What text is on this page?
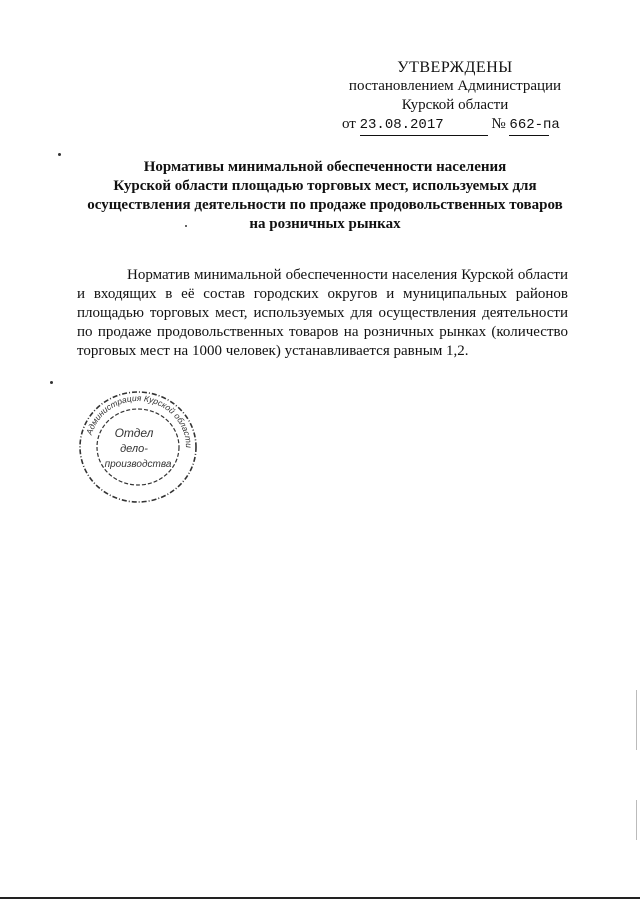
УТВЕРЖДЕНЫ
постановлением Администрации
Курской области
от 23.08.2017	№ 662-па
Нормативы минимальной обеспеченности населения
Курской области площадью торговых мест, используемых для
осуществления деятельности по продаже продовольственных товаров
на розничных рынках
Норматив минимальной обеспеченности населения Курской области и входящих в её состав городских округов и муниципальных районов площадью торговых мест, используемых для осуществления деятельности по продаже продовольственных товаров на розничных рынках (количество торговых мест на 1000 человек) устанавливается равным 1,2.
Администрация Курской области
Отдел
дело-
производства
